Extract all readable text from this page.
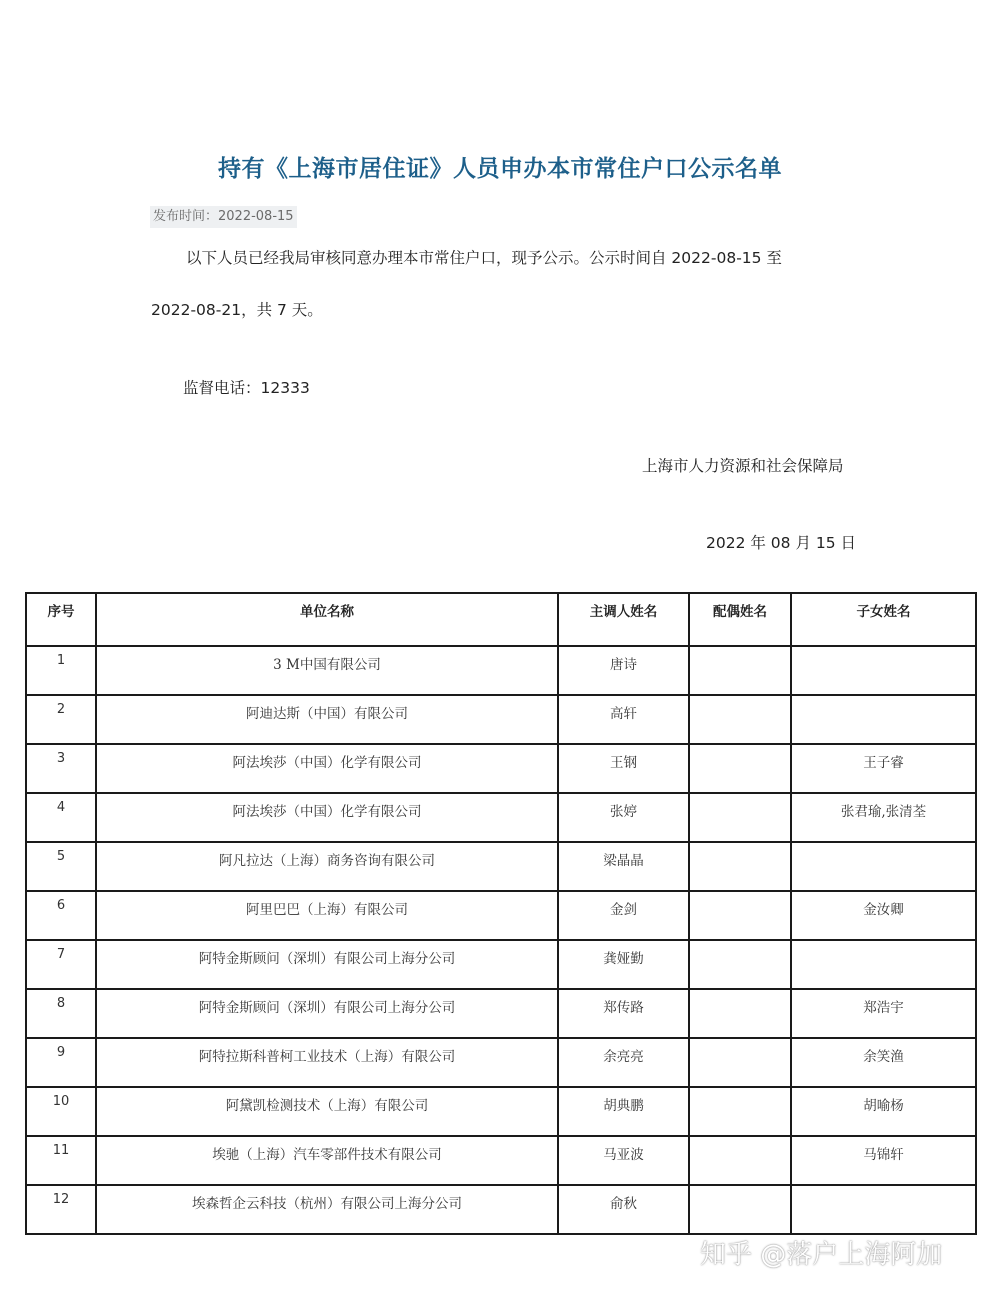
持有《上海市居住证》人员申办本市常住户口公示名单
发布时间：2022-08-15
以下人员已经我局审核同意办理本市常住户口，现予公示。公示时间自 2022-08-15 至
2022-08-21，共 7 天。
监督电话：12333
上海市人力资源和社会保障局
2022 年 08 月 15 日
序号	单位名称	主调人姓名	配偶姓名	子女姓名
1	3 M中国有限公司	唐诗		
2	阿迪达斯（中国）有限公司	高轩		
3	阿法埃莎（中国）化学有限公司	王钢		王子睿
4	阿法埃莎（中国）化学有限公司	张婷		张君瑜,张清荃
5	阿凡拉达（上海）商务咨询有限公司	梁晶晶		
6	阿里巴巴（上海）有限公司	金剑		金汝卿
7	阿特金斯顾问（深圳）有限公司上海分公司	龚娅勤		
8	阿特金斯顾问（深圳）有限公司上海分公司	郑传路		郑浩宇
9	阿特拉斯科普柯工业技术（上海）有限公司	余亮亮		余笑渔
10	阿黛凯检测技术（上海）有限公司	胡典鹏		胡喻杨
11	埃驰（上海）汽车零部件技术有限公司	马亚波		马锦轩
12	埃森哲企云科技（杭州）有限公司上海分公司	俞秋		
知乎 @落户上海阿加
